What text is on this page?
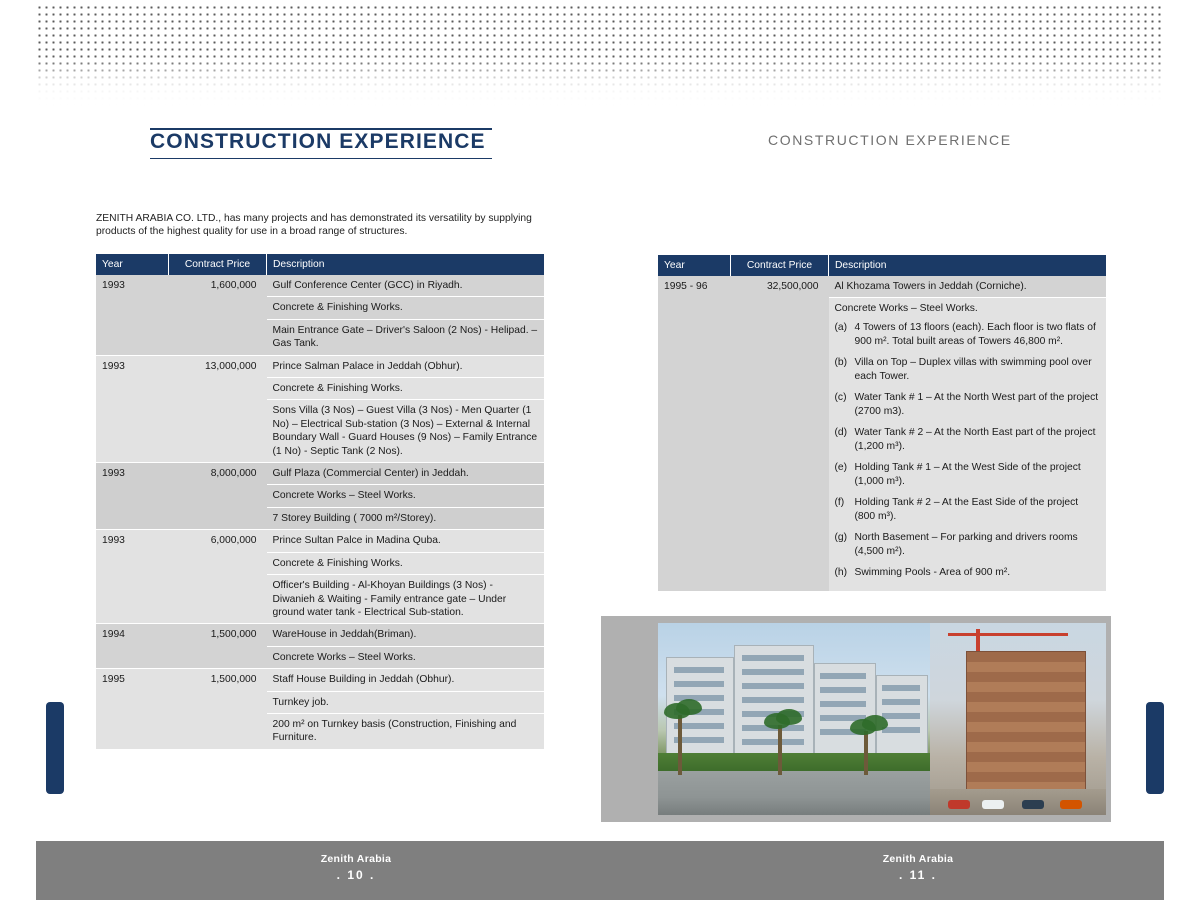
CONSTRUCTION EXPERIENCE
ZENITH ARABIA CO. LTD., has many projects and has demonstrated its versatility by supplying products of the highest quality for use in a broad range of structures.
Year	Contract Price	Description
1993	1,600,000	Gulf Conference Center (GCC) in Riyadh.
		Concrete & Finishing Works.
		Main Entrance Gate – Driver's Saloon (2 Nos) - Helipad. – Gas Tank.
1993	13,000,000	Prince Salman Palace in Jeddah (Obhur).
		Concrete & Finishing Works.
		Sons Villa (3 Nos) – Guest Villa (3 Nos) - Men Quarter (1 No) – Electrical Sub-station (3 Nos) – External & Internal Boundary Wall - Guard Houses (9 Nos) – Family Entrance (1 No) - Septic Tank (2 Nos).
1993	8,000,000	Gulf Plaza (Commercial Center) in Jeddah.
		Concrete Works – Steel Works.
		7 Storey Building ( 7000 m²/Storey).
1993	6,000,000	Prince Sultan Palce in Madina Quba.
		Concrete & Finishing Works.
		Officer's Building - Al-Khoyan Buildings (3 Nos) - Diwanieh & Waiting - Family entrance gate – Under ground water tank - Electrical Sub-station.
1994	1,500,000	WareHouse in Jeddah(Briman).
		Concrete Works – Steel Works.
1995	1,500,000	Staff House Building in Jeddah (Obhur).
		Turnkey job.
		200 m² on Turnkey basis (Construction, Finishing and Furniture.
CONSTRUCTION EXPERIENCE
Year	Contract Price	Description
1995 - 96	32,500,000	Al Khozama Towers in Jeddah (Corniche).

Concrete Works – Steel Works.

(a) 4 Towers of 13 floors (each). Each floor is two flats of 900 m². Total built areas of Towers 46,800 m².

(b) Villa on Top – Duplex villas with swimming pool over each Tower.

(c) Water Tank # 1 – At the North West part of the project (2700 m3).

(d) Water Tank # 2 – At the North East part of the project (1,200 m³).

(e) Holding Tank # 1 – At the West Side of the project (1,000 m³).

(f) Holding Tank # 2 – At the East Side of the project (800 m³).

(g) North Basement – For parking and drivers rooms (4,500 m²).

(h) Swimming Pools - Area of 900 m².

Zenith Arabia
. 10 .
Zenith Arabia
. 11 .
